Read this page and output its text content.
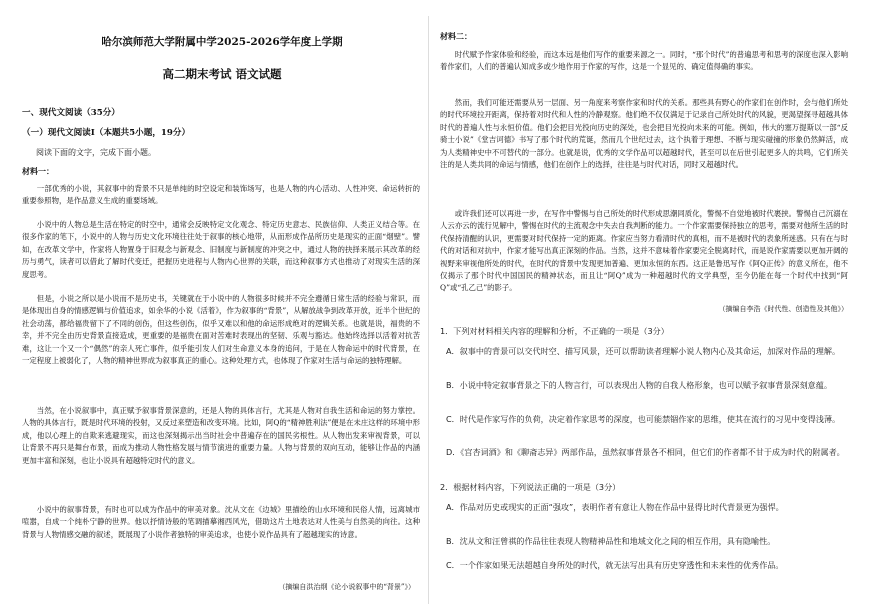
哈尔滨师范大学附属中学2025-2026学年度上学期
高二期末考试 语文试题
一、现代文阅读（35分）
（一）现代文阅读Ⅰ（本题共5小题，19分）
阅读下面的文字，完成下面小题。
材料一：

一部优秀的小说，其叙事中的背景不只是单纯的时空设定和装饰场写，也是人物的内心活动、人性冲突、命运转折的重要参照物，是作品意义生成的重要场域。

小说中的人物总是生活在特定的时空中，通常会反映特定文化观念、特定历史意志、民族信仰、人类正义结合等。在很多作家的笔下，小说中的人物与历史文化环境往往处于叙事的核心地带，从而形成作品所历史是现实的正面“烟壁”。譬如，在改革文学中，作家将人物置身于旧观念与新观念、旧制度与新制度的冲突之中，通过人物的抉择来展示其改革的经历与勇气，读者可以借此了解时代变迁，把握历史进程与人物内心世界的关联，而这种叙事方式也推动了对现实生活的深度思考。

但是，小说之所以是小说而不是历史书，关键就在于小说中的人物很多时候并不完全遵循日常生活的经验与常识，而是体现出自身的情感逻辑与价值追求，如余华的小说《活着》，作为叙事的“背景”，从解放战争到改革开放，近半个世纪的社会动荡，都给福贵留下了不同的创伤，但这些创伤，似乎又难以和他的命运形成绝对的逻辑关系。也就是说，福贵的不幸，并不完全由历史背景直接造成，更重要的是福贵在面对苦难时表现出的坚韧、乐观与豁达。他始终选择以活着对抗苦难，这让一个又一个“偶然”的亲人死亡事件，似乎能引发人们对生命意义本身的追问，于是在人物命运中的时代背景，在一定程度上被弱化了，人物的精神世界成为叙事真正的重心。这种处理方式，也体现了作家对生活与命运的独特理解。

当然，在小说叙事中，真正赋予叙事背景深意的，还是人物的具体言行，尤其是人物对自我生活和命运的努力掌控。人物的具体言行，既是时代环境的投射，又反过来塑造和改变环境。比如，阿Q的“精神胜利法”便是在未庄这样的环境中形成，他以心理上的自欺来逃避现实，而这也深刻揭示出当时社会中普遍存在的国民劣根性。从人物出发来审视背景，可以让背景不再只是舞台布景，而成为推动人物性格发展与情节演进的重要力量。人物与背景的双向互动，能够让作品的内涵更加丰富和深刻，也让小说具有超越特定时代的意义。

小说中的叙事背景，有时也可以成为作品中的审美对象。沈从文在《边城》里描绘的山水环境和民俗人情，远离城市喧嚣，自成一个纯朴宁静的世界。他以抒情诗般的笔调描摹湘西风光，借助这片土地表达对人性美与自然美的向往。这种背景与人物情感交融的叙述，既展现了小说作者独特的审美追求，也使小说作品具有了超越现实的诗意。

（摘编自洪治纲《论小说叙事中的“背景”》）
材料二：

时代赋予作家体验和经验，而这本远是他们写作的重要来源之一。同时，“那个时代”的普遍思考和思考的深度也深入影响着作家们，人们的普遍认知成多或少地作用于作家的写作，这是一个显见的、确定值得确的事实。

然而，我们可能还需要从另一层面、另一角度来考察作家和时代的关系。那些具有野心的作家们在创作时，会与他们所处的时代环境拉开距离，保持着对时代和人性的冷静观察。他们绝不仅仅满足于记录自己所处时代的风貌，更渴望探寻超越具体时代的普遍人性与永恒价值。他们会把目光投向历史的深处，也会把目光投向未来的可能。例如，伟大的塞万提斯以一部“反骑士小说”《堂吉诃德》书写了那个时代的荒诞，然而几个世纪过去，这个执着于理想、不断与现实碰撞的形象仍然鲜活，成为人类精神史中不可替代的一部分。也就是说，优秀的文学作品可以超越时代，甚至可以在后世引起更多人的共鸣，它们所关注的是人类共同的命运与情感，他们在创作上的选择，往往是与时代对话，同时又超越时代。

或许我们还可以再进一步，在写作中警惕与自己所处的时代形成思潮同质化，警惕不自觉地被时代裹挟。警惕自己沉溺在人云亦云的流行见解中，警惕在时代的主流观念中失去自我判断的能力。一个作家需要保持独立的思考，需要对他所生活的时代保持清醒的认识，更需要对时代保持一定的距离。作家应当努力看清时代的真相，而不是被时代的表象所迷惑。只有在与时代的对话和对抗中，作家才能写出真正深刻的作品。当然，这并不意味着作家要完全脱离时代，而是说作家需要以更加开阔的视野来审视他所处的时代，在时代的背景中发现更加普遍、更加永恒的东西。这正是鲁迅写作《阿Q正传》的意义所在，他不仅揭示了那个时代中国国民的精神状态，而且让“阿Q”成为一种超越时代的文学典型，至今仍能在每一个时代中找到“阿Q”或“孔乙己”的影子。

（摘编自李浩《时代性、创造性及其他》）
1．下列对材料相关内容的理解和分析，不正确的一项是（3分）
A．叙事中的背景可以交代时空、描写风景，还可以帮助读者理解小说人物内心及其命运，加深对作品的理解。
B．小说中特定叙事背景之下的人物言行，可以表现出人物的自我人格形象，也可以赋予叙事背景深刻意蕴。
C．时代是作家写作的负荷，决定着作家思考的深度，也可能禁锢作家的思维，使其在流行的习见中变得浅薄。
D．《宫杏词酒》和《聊斋志异》两部作品，虽然叙事背景各不相同，但它们的作者都不甘于成为时代的附属者。
2．根据材料内容，下列说法正确的一项是（3分）
A．作品对历史或现实的正面“强攻”，表明作者有意让人物在作品中显得比时代背景更为强悍。
B．沈从文和汪曾祺的作品往往表现人物精神品性和地域文化之间的相互作用，具有隐喻性。
C．一个作家如果无法超越自身所处的时代，就无法写出具有历史穿透性和未来性的优秀作品。
